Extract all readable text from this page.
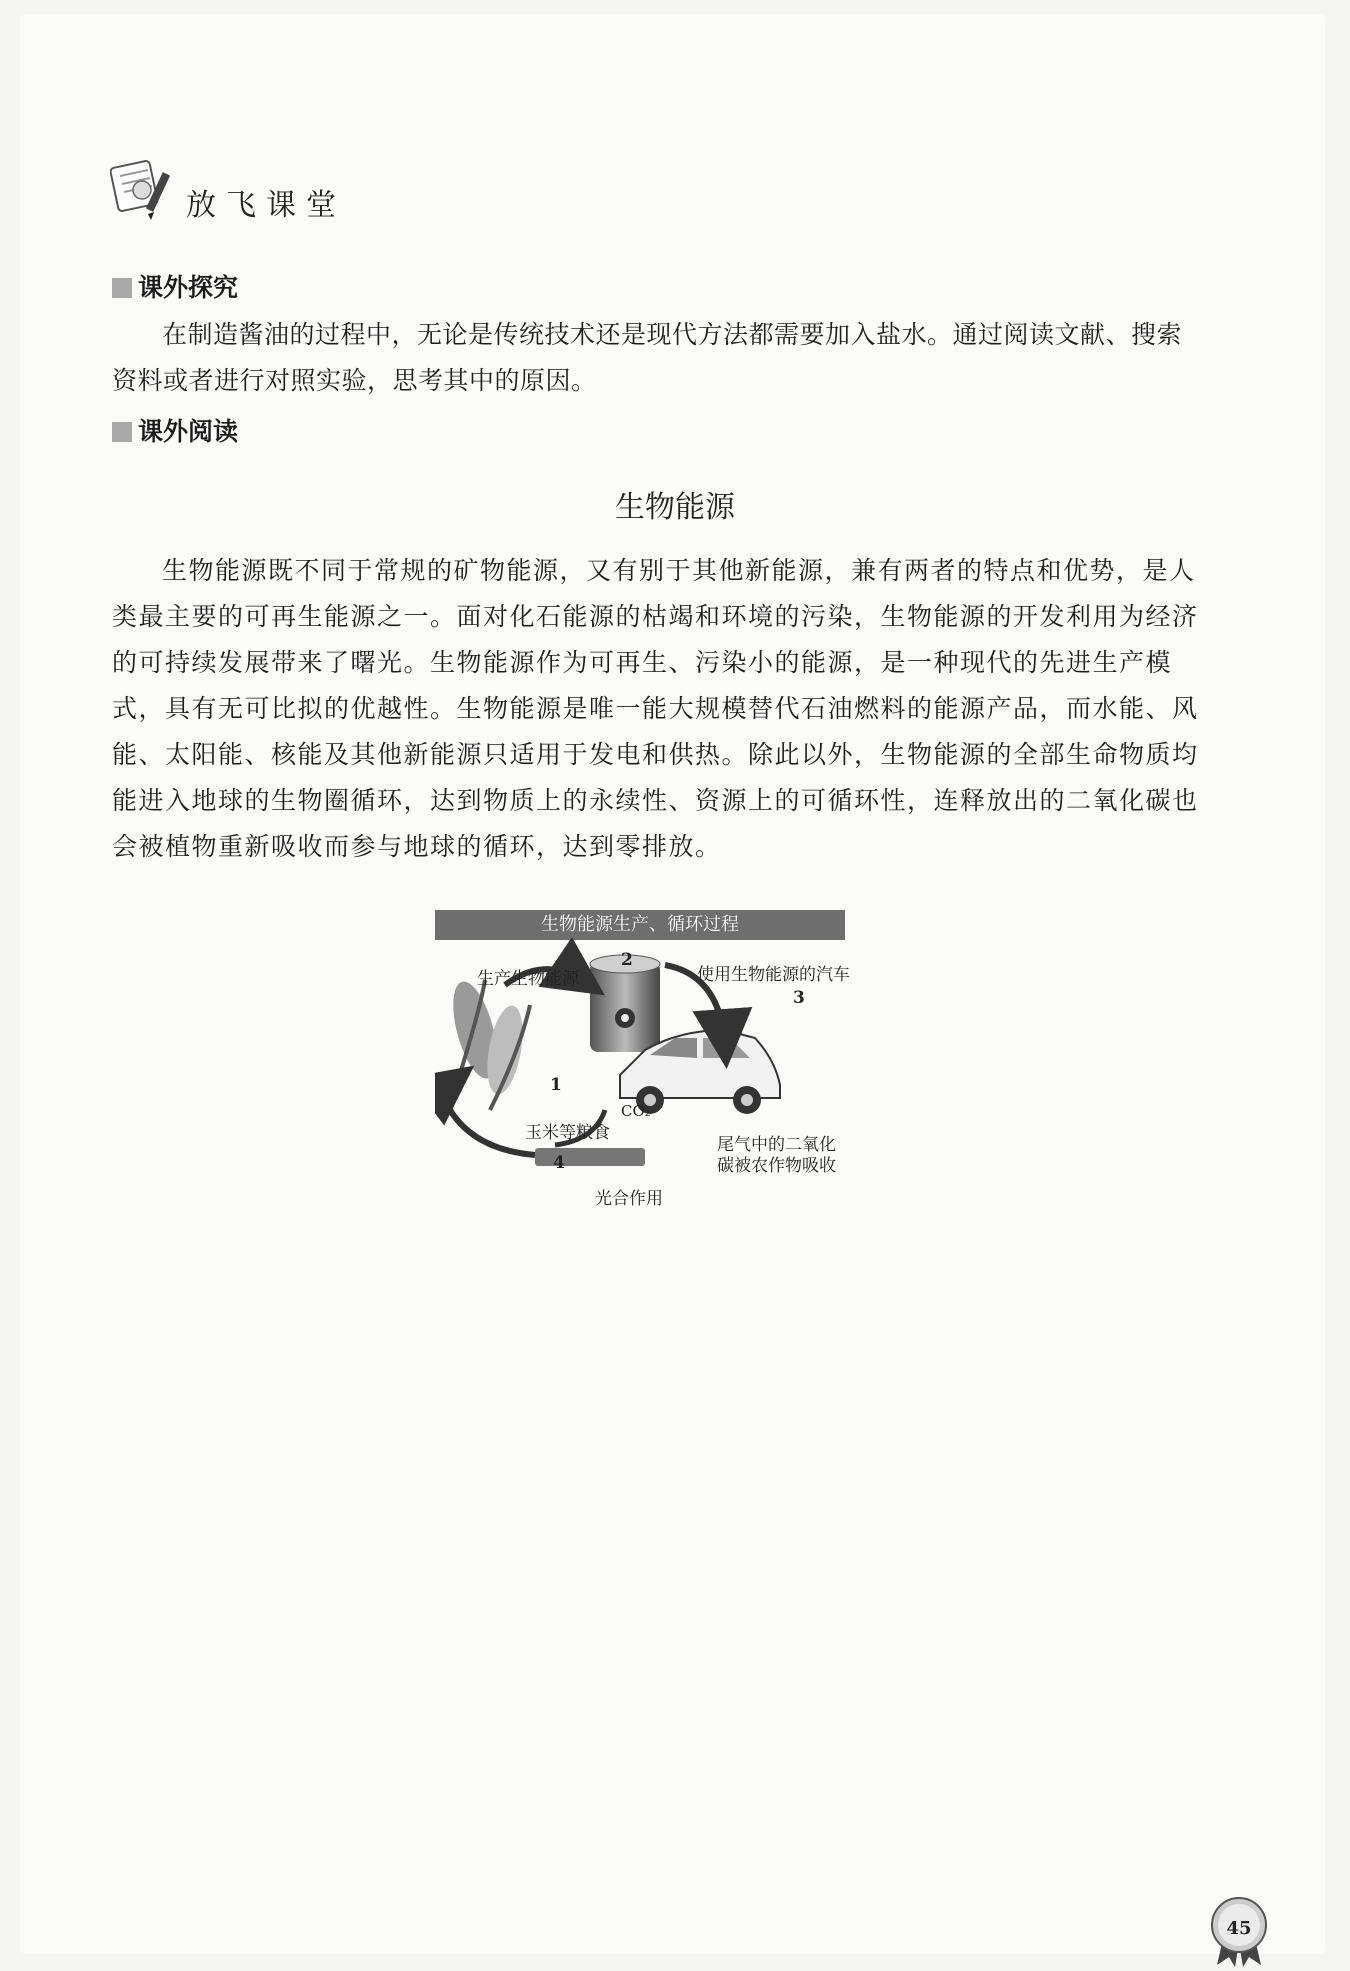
放飞课堂
课外探究
在制造酱油的过程中，无论是传统技术还是现代方法都需要加入盐水。通过阅读文献、搜索资料或者进行对照实验，思考其中的原因。
课外阅读
生物能源
生物能源既不同于常规的矿物能源，又有别于其他新能源，兼有两者的特点和优势，是人类最主要的可再生能源之一。面对化石能源的枯竭和环境的污染，生物能源的开发利用为经济的可持续发展带来了曙光。生物能源作为可再生、污染小的能源，是一种现代的先进生产模式，具有无可比拟的优越性。生物能源是唯一能大规模替代石油燃料的能源产品，而水能、风能、太阳能、核能及其他新能源只适用于发电和供热。除此以外，生物能源的全部生命物质均能进入地球的生物圈循环，达到物质上的永续性、资源上的可循环性，连释放出的二氧化碳也会被植物重新吸收而参与地球的循环，达到零排放。
生物能源生产、循环过程
生产生物能源	使用生物能源的汽车
玉米等粮食
CO₂
尾气中的二氧化
碳被农作物吸收
光合作用
1
2
3
4
45
